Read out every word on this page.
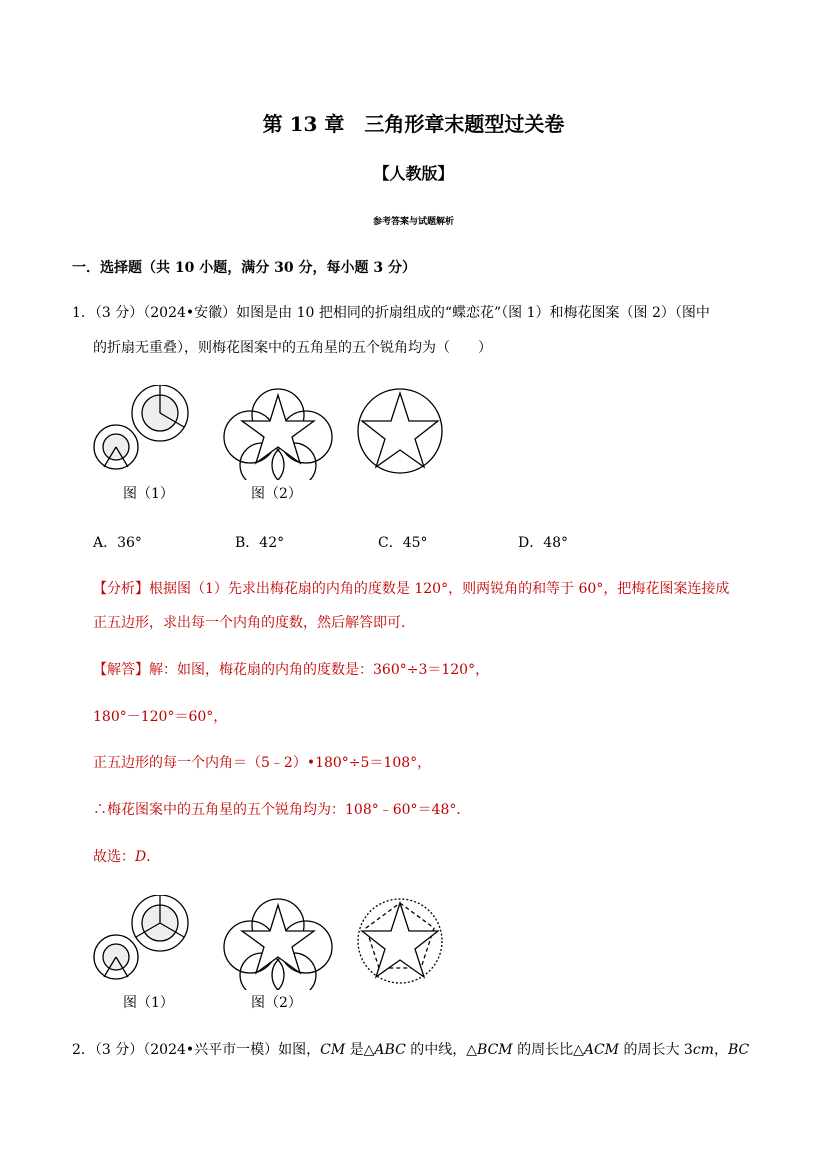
第 13 章　三角形章末题型过关卷
【人教版】
参考答案与试题解析
一．选择题（共 10 小题，满分 30 分，每小题 3 分）
1．（3 分）（2024•安徽）如图是由 10 把相同的折扇组成的“蝶恋花”（图 1）和梅花图案（图 2）（图中
的折扇无重叠），则梅花图案中的五角星的五个锐角均为（　　）
图（1）	图（2）
A．36°	B．42°	C．45°	D．48°
【分析】根据图（1）先求出梅花扇的内角的度数是 120°，则两锐角的和等于 60°，把梅花图案连接成
正五边形，求出每一个内角的度数，然后解答即可．
【解答】解：如图，梅花扇的内角的度数是：360°÷3＝120°，
180°－120°＝60°，
正五边形的每一个内角＝（5﹣2）•180°÷5＝108°，
∴梅花图案中的五角星的五个锐角均为：108°﹣60°＝48°．
故选：D．
图（1）	图（2）
2．（3 分）（2024•兴平市一模）如图，CM 是△ABC 的中线，△BCM 的周长比△ACM 的周长大 3cm，BC
